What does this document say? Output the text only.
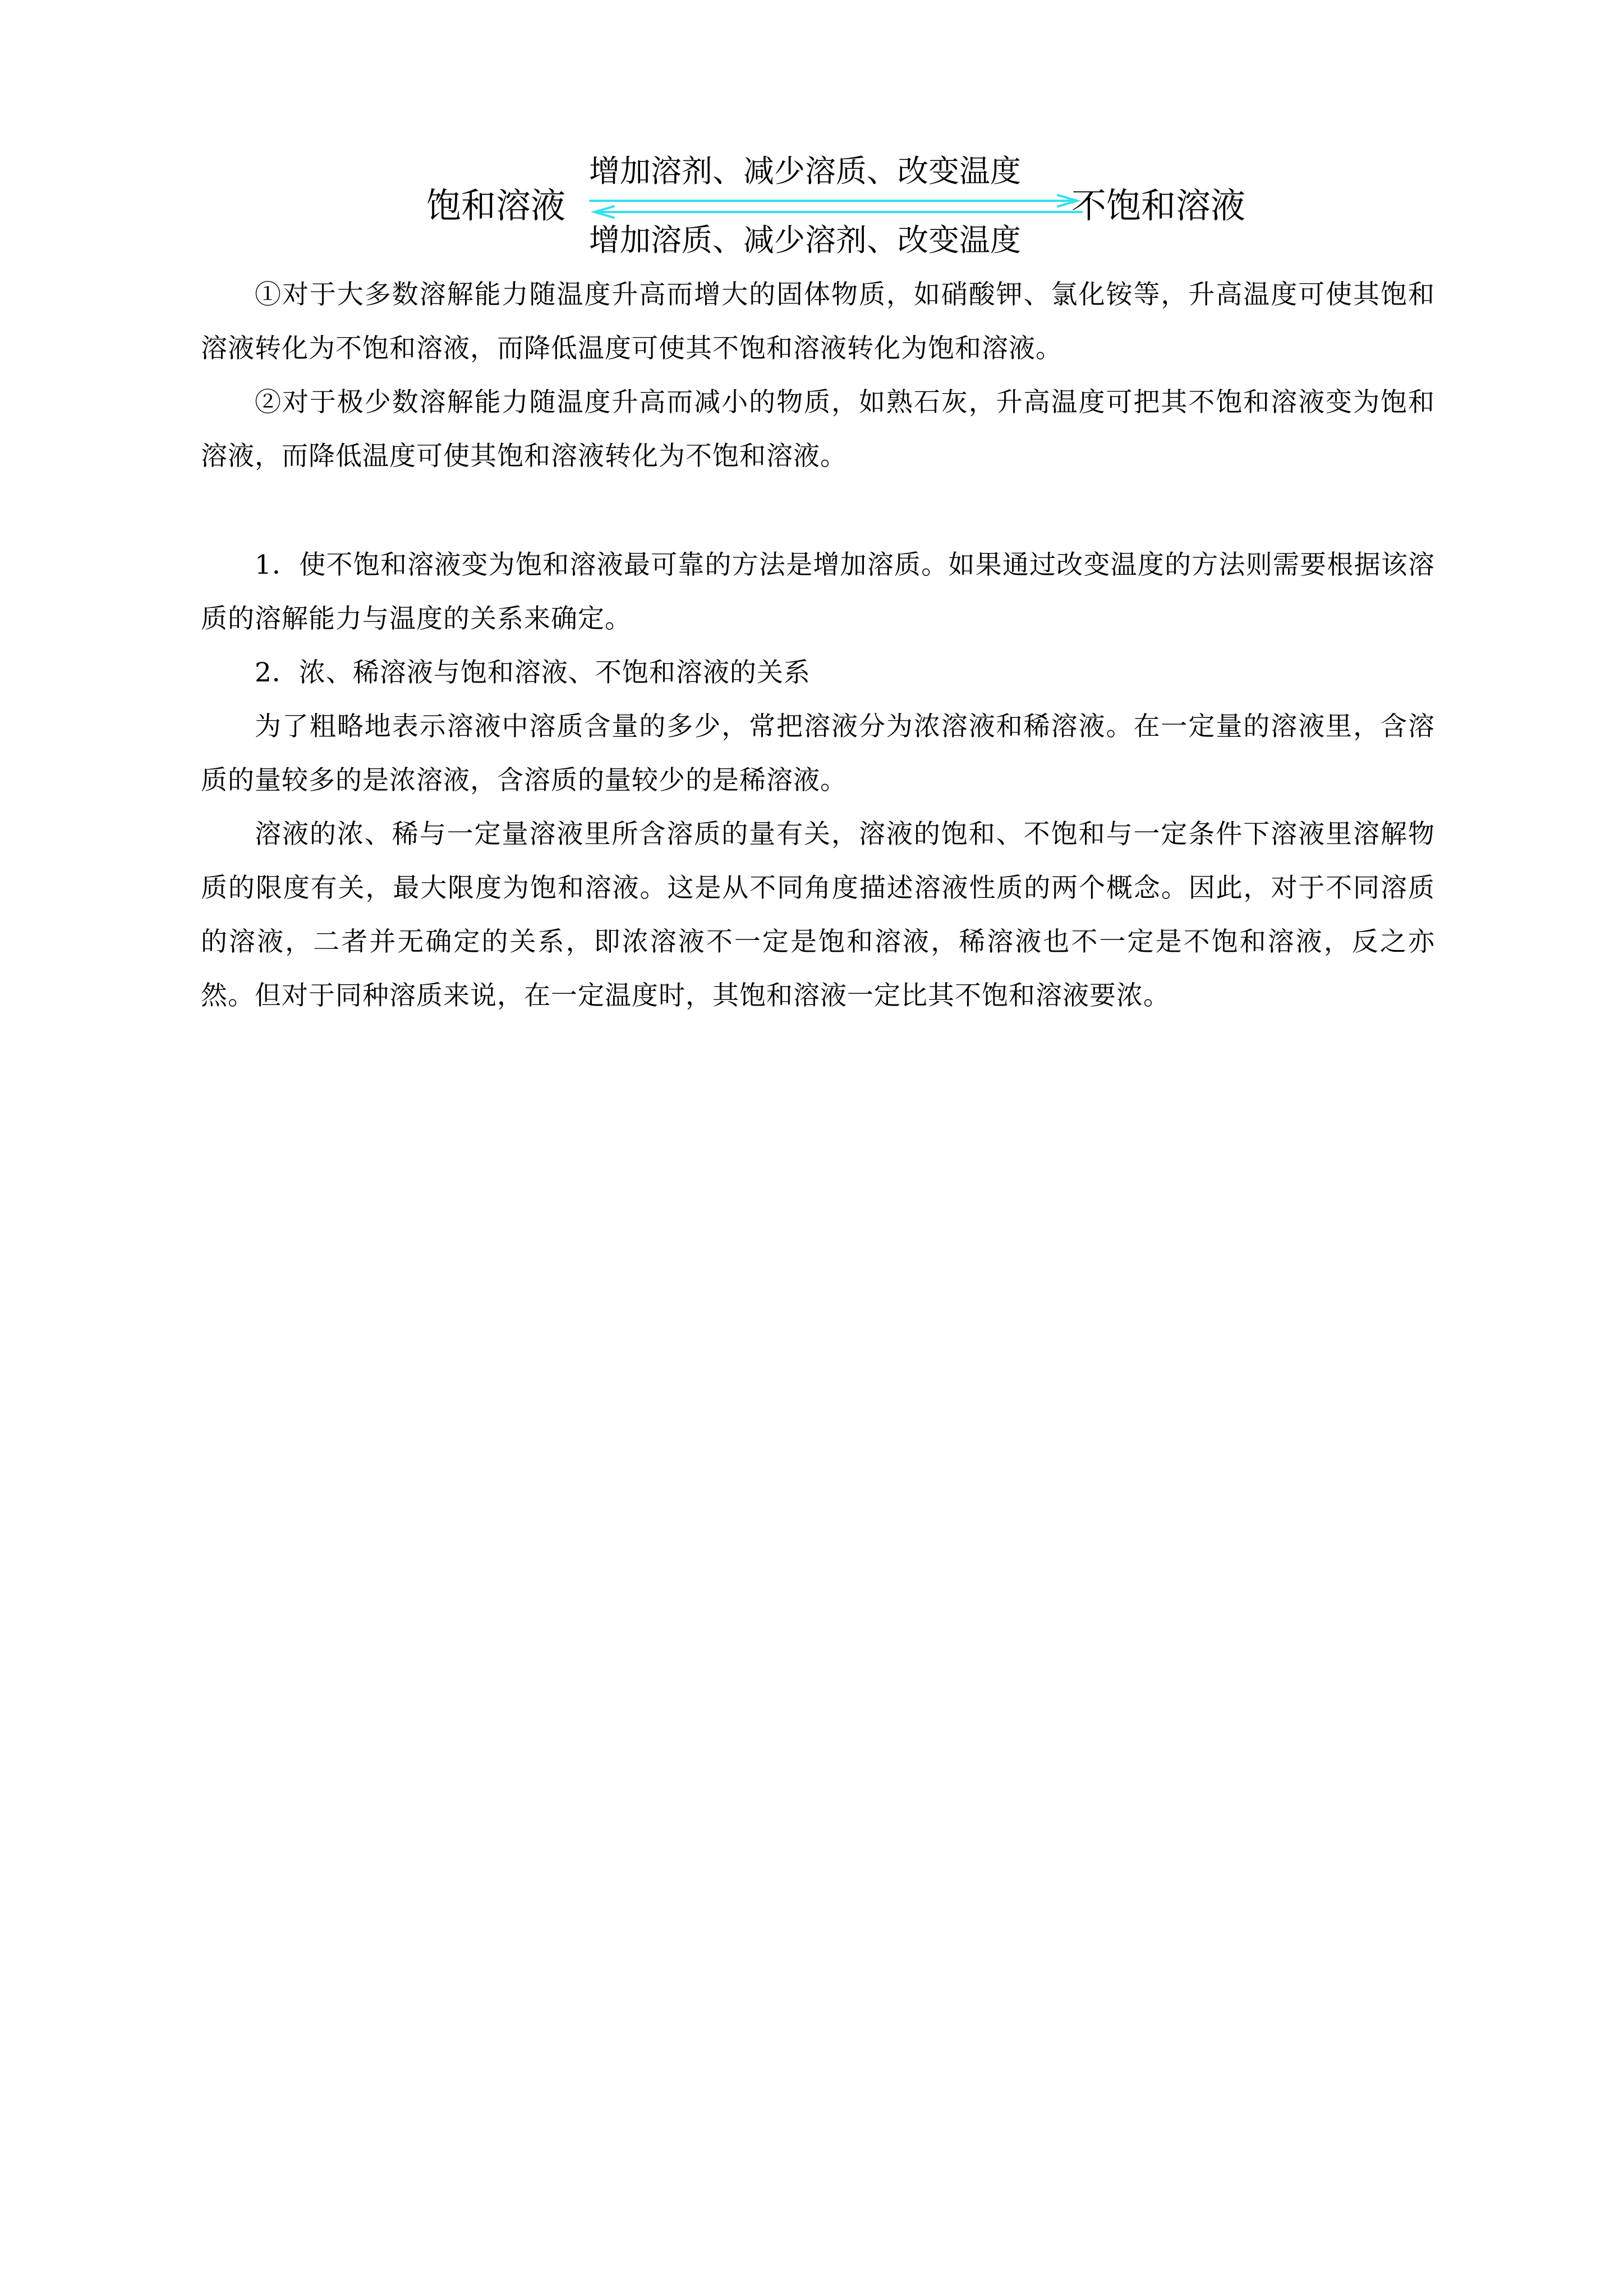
饱和溶液
增加溶剂、减少溶质、改变温度
增加溶质、减少溶剂、改变温度
不饱和溶液

①对于大多数溶解能力随温度升高而增大的固体物质，如硝酸钾、氯化铵等，升高温度可使其饱和溶液转化为不饱和溶液，而降低温度可使其不饱和溶液转化为饱和溶液。

②对于极少数溶解能力随温度升高而减小的物质，如熟石灰，升高温度可把其不饱和溶液变为饱和溶液，而降低温度可使其饱和溶液转化为不饱和溶液。

1．使不饱和溶液变为饱和溶液最可靠的方法是增加溶质。如果通过改变温度的方法则需要根据该溶质的溶解能力与温度的关系来确定。

2．浓、稀溶液与饱和溶液、不饱和溶液的关系

为了粗略地表示溶液中溶质含量的多少，常把溶液分为浓溶液和稀溶液。在一定量的溶液里，含溶质的量较多的是浓溶液，含溶质的量较少的是稀溶液。

溶液的浓、稀与一定量溶液里所含溶质的量有关，溶液的饱和、不饱和与一定条件下溶液里溶解物质的限度有关，最大限度为饱和溶液。这是从不同角度描述溶液性质的两个概念。因此，对于不同溶质的溶液，二者并无确定的关系，即浓溶液不一定是饱和溶液，稀溶液也不一定是不饱和溶液，反之亦然。但对于同种溶质来说，在一定温度时，其饱和溶液一定比其不饱和溶液要浓。
